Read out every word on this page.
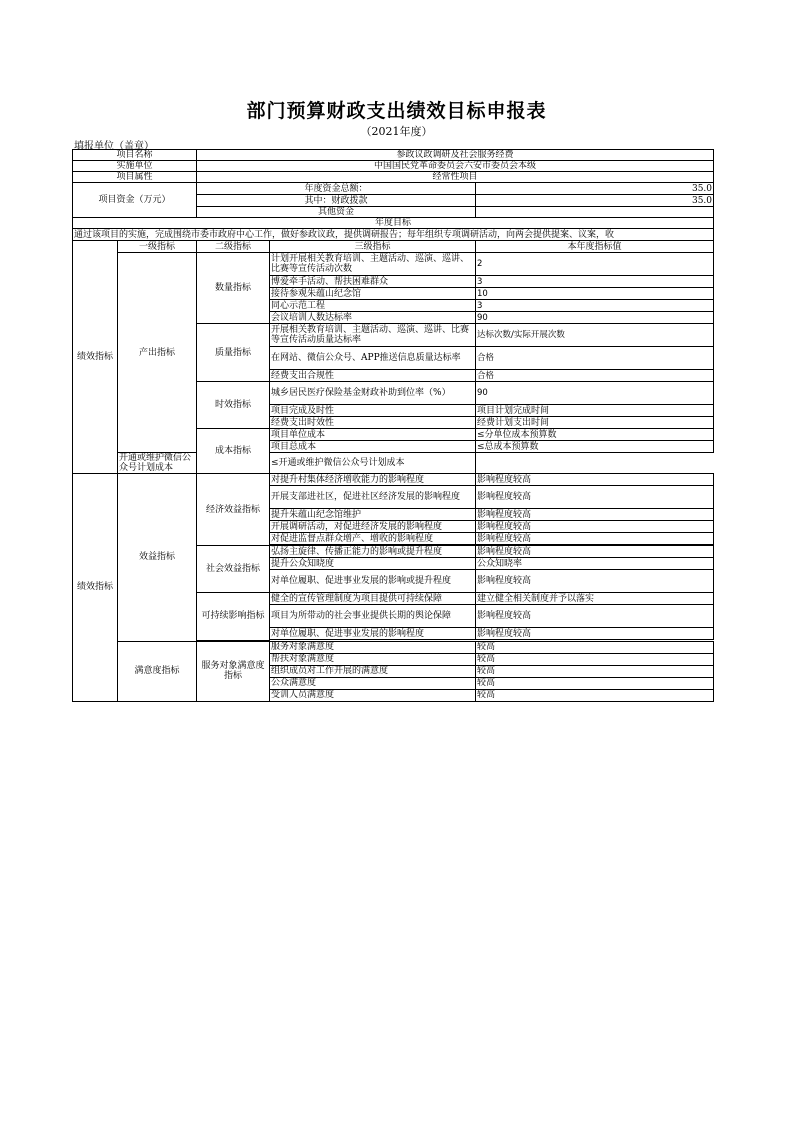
部门预算财政支出绩效目标申报表
（2021年度）
填报单位（盖章）
项目名称		参政议政调研及社会服务经费		
实施单位		中国国民党革命委员会六安市委员会本级		
项目属性		经常性项目		
项目资金（万元）		年度资金总额：		35.0
		其中：财政拨款		35.0
		其他资金		
年度目标				
通过该项目的实施，完成围绕市委市政府中心工作，做好参政议政，提供调研报告；每年组织专项调研活动，向两会提供提案、议案，收				
绩效指标	一级指标	二级指标	三级指标	本年度指标值
	产出指标	数量指标	计划开展相关教育培训、主题活动、巡演、巡讲、比赛等宣传活动次数	2
			博爱牵手活动、帮扶困难群众	3
			接待参观朱蕴山纪念馆	10
			同心示范工程	3
			会议培训人数达标率	90
		质量指标	开展相关教育培训、主题活动、巡演、巡讲、比赛等宣传活动质量达标率	达标次数/实际开展次数
			在网站、微信公众号、APP推送信息质量达标率	合格
			经费支出合规性	合格
		时效指标	城乡居民医疗保险基金财政补助到位率（%）	90
			项目完成及时性	项目计划完成时间
			经费支出时效性	经费计划支出时间
		成本指标	项目单位成本	≤分单位成本预算数
			项目总成本	≤总成本预算数
	开通或维护微信公众号计划成本		≤开通或维护微信公众号计划成本	
绩效指标	效益指标	经济效益指标	对提升村集体经济增收能力的影响程度	影响程度较高
			开展支部进社区，促进社区经济发展的影响程度	影响程度较高
			提升朱蕴山纪念馆维护	影响程度较高
			开展调研活动，对促进经济发展的影响程度	影响程度较高
			对促进监督点群众增产、增收的影响程度	影响程度较高

		社会效益指标	弘扬主旋律、传播正能力的影响或提升程度	影响程度较高
			提升公众知晓度	公众知晓率
			对单位履职、促进事业发展的影响或提升程度	影响程度较高
		可持续影响指标	健全的宣传管理制度为项目提供可持续保障	建立健全相关制度并予以落实
			项目为所带动的社会事业提供长期的舆论保障	影响程度较高
			对单位履职、促进事业发展的影响程度	影响程度较高

	满意度指标	服务对象满意度指标	服务对象满意度	较高
			帮扶对象满意度	较高
			组织成员对工作开展的满意度	较高
			公众满意度	较高
			受训人员满意度	较高
